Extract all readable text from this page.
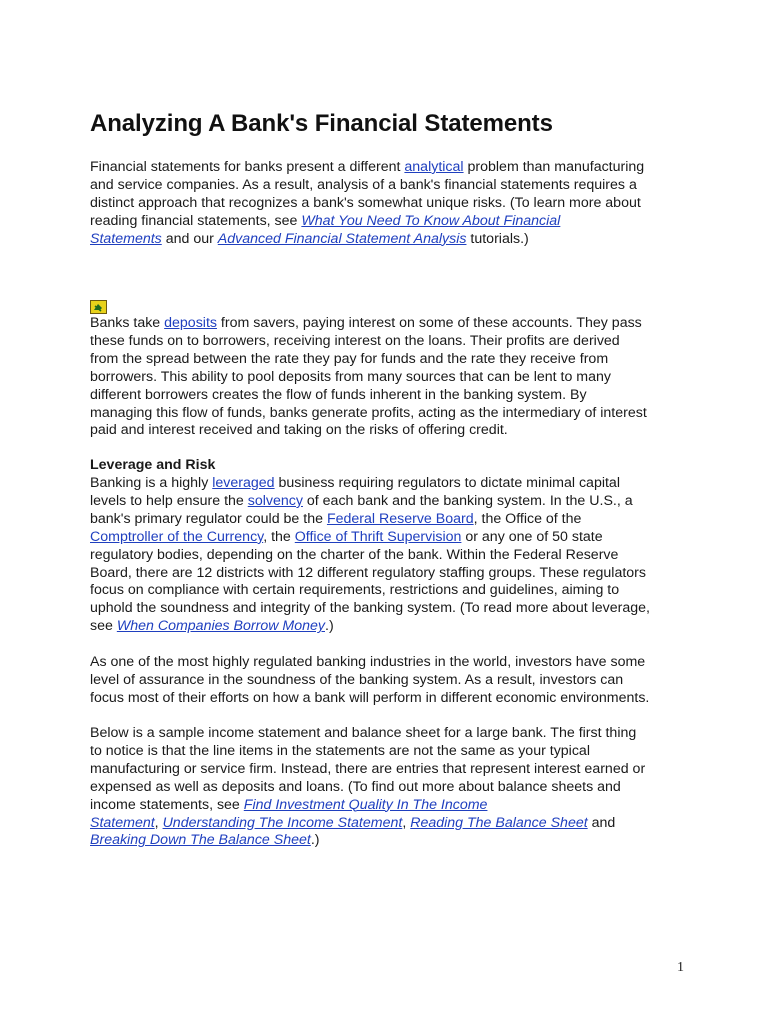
Analyzing A Bank's Financial Statements

Financial statements for banks present a different analytical problem than manufacturing
and service companies. As a result, analysis of a bank's financial statements requires a
distinct approach that recognizes a bank's somewhat unique risks. (To learn more about
reading financial statements, see What You Need To Know About Financial
Statements and our Advanced Financial Statement Analysis tutorials.)

Banks take deposits from savers, paying interest on some of these accounts. They pass
these funds on to borrowers, receiving interest on the loans. Their profits are derived
from the spread between the rate they pay for funds and the rate they receive from
borrowers. This ability to pool deposits from many sources that can be lent to many
different borrowers creates the flow of funds inherent in the banking system. By
managing this flow of funds, banks generate profits, acting as the intermediary of interest
paid and interest received and taking on the risks of offering credit.

Leverage and Risk

Banking is a highly leveraged business requiring regulators to dictate minimal capital
levels to help ensure the solvency of each bank and the banking system. In the U.S., a
bank's primary regulator could be the Federal Reserve Board, the Office of the
Comptroller of the Currency, the Office of Thrift Supervision or any one of 50 state
regulatory bodies, depending on the charter of the bank. Within the Federal Reserve
Board, there are 12 districts with 12 different regulatory staffing groups. These regulators
focus on compliance with certain requirements, restrictions and guidelines, aiming to
uphold the soundness and integrity of the banking system. (To read more about leverage,
see When Companies Borrow Money.)

As one of the most highly regulated banking industries in the world, investors have some
level of assurance in the soundness of the banking system. As a result, investors can
focus most of their efforts on how a bank will perform in different economic environments.

Below is a sample income statement and balance sheet for a large bank. The first thing
to notice is that the line items in the statements are not the same as your typical
manufacturing or service firm. Instead, there are entries that represent interest earned or
expensed as well as deposits and loans. (To find out more about balance sheets and
income statements, see Find Investment Quality In The Income
Statement, Understanding The Income Statement, Reading The Balance Sheet and
Breaking Down The Balance Sheet.)

1
